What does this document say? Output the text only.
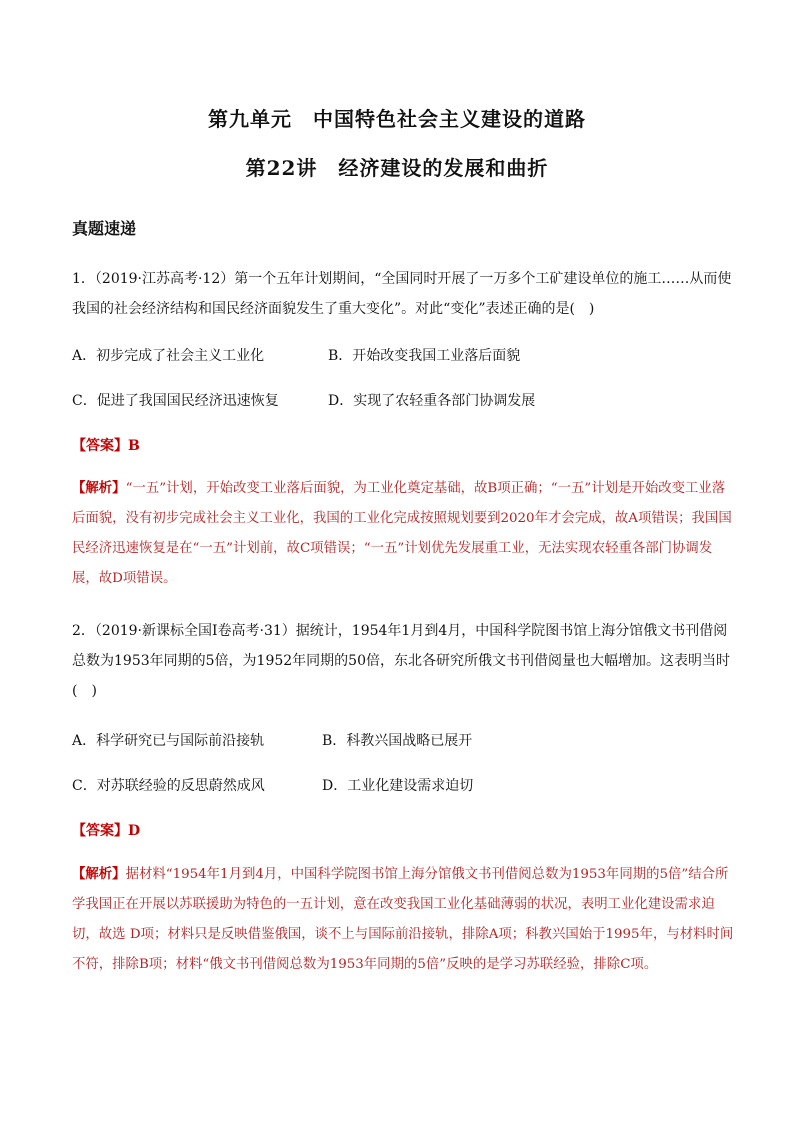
第九单元　中国特色社会主义建设的道路
第22讲　经济建设的发展和曲折
真题速递
1．（2019·江苏高考·12）第一个五年计划期间，“全国同时开展了一万多个工矿建设单位的施工……从而使我国的社会经济结构和国民经济面貌发生了重大变化”。对此“变化”表述正确的是(　)
A．初步完成了社会主义工业化	B．开始改变我国工业落后面貌
C．促进了我国国民经济迅速恢复	D．实现了农轻重各部门协调发展
【答案】B
【解析】“一五”计划，开始改变工业落后面貌，为工业化奠定基础，故B项正确；“一五”计划是开始改变工业落后面貌，没有初步完成社会主义工业化，我国的工业化完成按照规划要到2020年才会完成，故A项错误；我国国民经济迅速恢复是在“一五”计划前，故C项错误；“一五”计划优先发展重工业，无法实现农轻重各部门协调发展，故D项错误。
2．（2019·新课标全国Ⅰ卷高考·31）据统计，1954年1月到4月，中国科学院图书馆上海分馆俄文书刊借阅总数为1953年同期的5倍，为1952年同期的50倍，东北各研究所俄文书刊借阅量也大幅增加。这表明当时(　)
A．科学研究已与国际前沿接轨	B．科教兴国战略已展开
C．对苏联经验的反思蔚然成风	D．工业化建设需求迫切
【答案】D
【解析】据材料“1954年1月到4月，中国科学院图书馆上海分馆俄文书刊借阅总数为1953年同期的5倍”结合所学我国正在开展以苏联援助为特色的一五计划，意在改变我国工业化基础薄弱的状况，表明工业化建设需求迫切，故选 D项；材料只是反映借鉴俄国，谈不上与国际前沿接轨，排除A项；科教兴国始于1995年，与材料时间不符，排除B项；材料“俄文书刊借阅总数为1953年同期的5倍”反映的是学习苏联经验，排除C项。
